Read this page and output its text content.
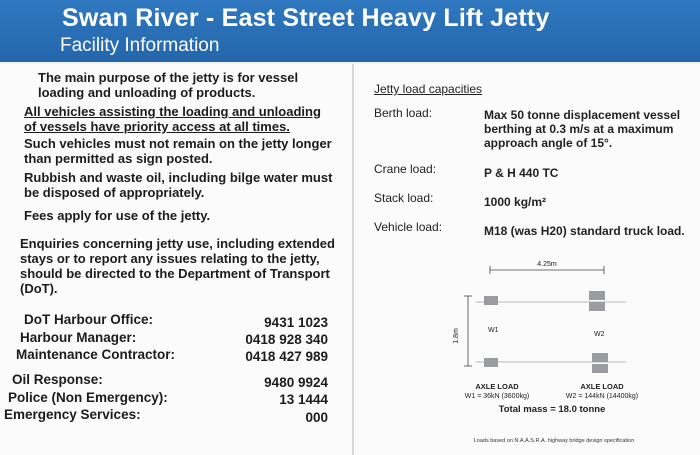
Swan River - East Street Heavy Lift Jetty
Facility Information
The main purpose of the jetty is for vessel loading and unloading of products.
All vehicles assisting the loading and unloading of vessels have priority access at all times.
Such vehicles must not remain on the jetty longer than permitted as sign posted.
Rubbish and waste oil, including bilge water must be disposed of appropriately.
Fees apply for use of the jetty.
Enquiries concerning jetty use, including extended stays or to report any issues relating to the jetty, should be directed to the Department of Transport (DoT).
DoT Harbour Office:	9431 1023
Harbour Manager:	0418 928 340
Maintenance Contractor:	0418 427 989
Oil Response:	9480 9924
Police (Non Emergency):	13 1444
Emergency Services:	000
Jetty load capacities
Berth load:	Max 50 tonne displacement vessel berthing at 0.3 m/s at a maximum approach angle of 15°.
Crane load:	P & H 440 TC
Stack load:	1000 kg/m²
Vehicle load:	M18 (was H20) standard truck load.
4.25m
1.8m	W1
W2
AXLE LOAD
W1 = 36kN (3600kg)
AXLE LOAD
W2 = 144kN (14400kg)
Total mass = 18.0 tonne
Loads based on N.A.A.S.R.A. highway bridge design specification
